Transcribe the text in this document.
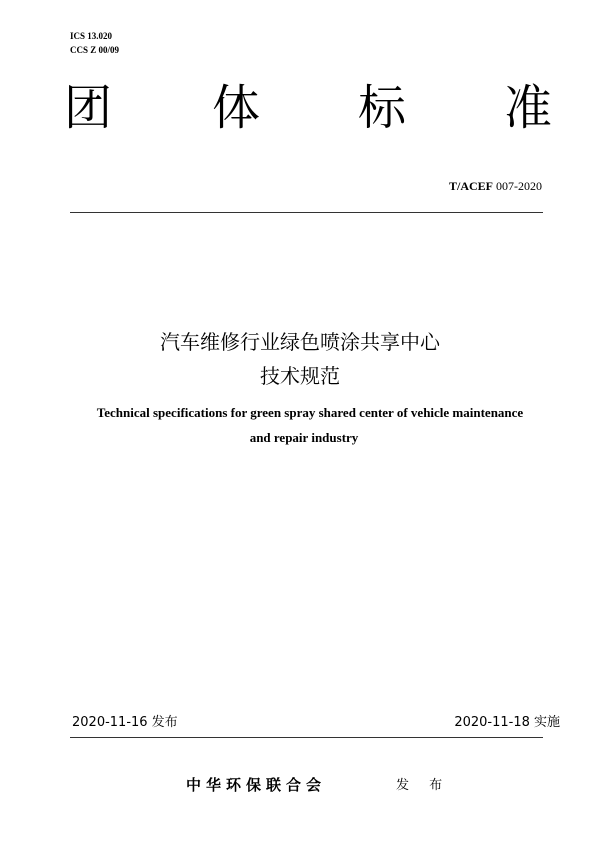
ICS 13.020
CCS Z 00/09
团 体 标 准
T/ACEF 007-2020
汽车维修行业绿色喷涂共享中心
技术规范
Technical specifications for green spray shared center of vehicle maintenance
and repair industry
2020-11-16 发布	2020-11-18 实施
中华环保联合会	发 布
